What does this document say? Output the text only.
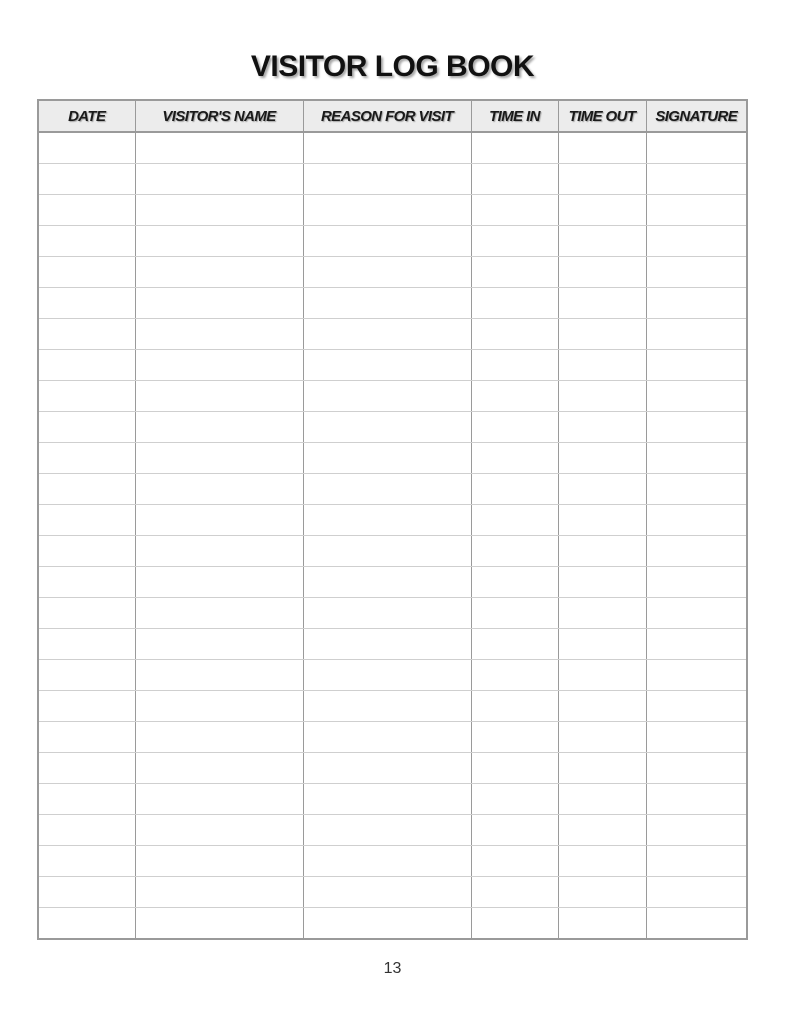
VISITOR LOG BOOK
DATE	VISITOR'S NAME	REASON FOR VISIT	TIME IN	TIME OUT	SIGNATURE

13
